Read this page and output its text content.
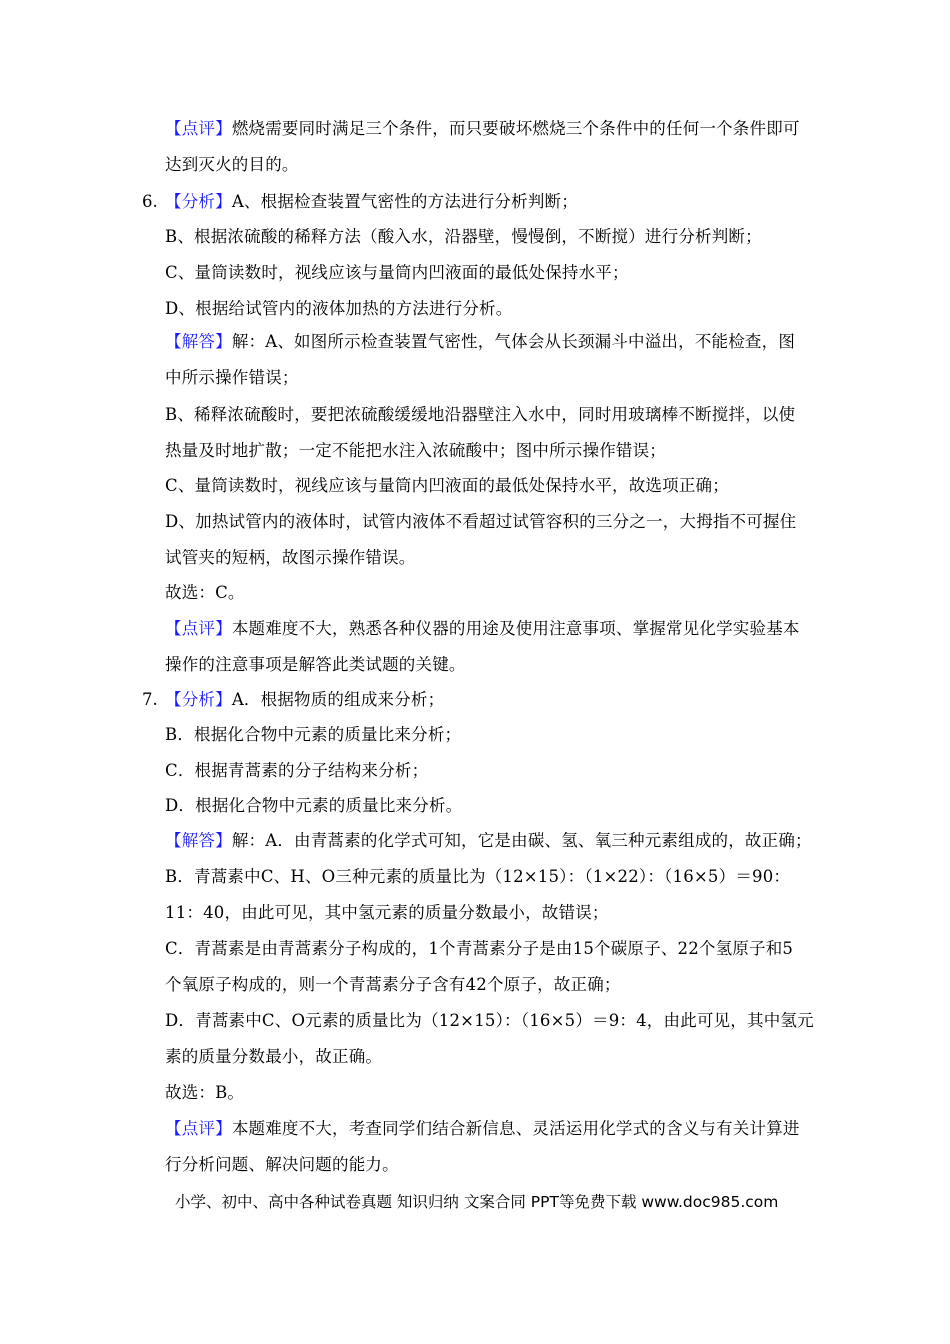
【点评】燃烧需要同时满足三个条件，而只要破坏燃烧三个条件中的任何一个条件即可
达到灭火的目的。
6. 【分析】A、根据检查装置气密性的方法进行分析判断；
B、根据浓硫酸的稀释方法（酸入水，沿器壁，慢慢倒，不断搅）进行分析判断；
C、量筒读数时，视线应该与量筒内凹液面的最低处保持水平；
D、根据给试管内的液体加热的方法进行分析。
【解答】解：A、如图所示检查装置气密性，气体会从长颈漏斗中溢出，不能检查，图
中所示操作错误；
B、稀释浓硫酸时，要把浓硫酸缓缓地沿器壁注入水中，同时用玻璃棒不断搅拌，以使
热量及时地扩散；一定不能把水注入浓硫酸中；图中所示操作错误；
C、量筒读数时，视线应该与量筒内凹液面的最低处保持水平，故选项正确；
D、加热试管内的液体时，试管内液体不看超过试管容积的三分之一，大拇指不可握住
试管夹的短柄，故图示操作错误。
故选：C。
【点评】本题难度不大，熟悉各种仪器的用途及使用注意事项、掌握常见化学实验基本
操作的注意事项是解答此类试题的关键。
7. 【分析】A．根据物质的组成来分析；
B．根据化合物中元素的质量比来分析；
C．根据青蒿素的分子结构来分析；
D．根据化合物中元素的质量比来分析。
【解答】解：A．由青蒿素的化学式可知，它是由碳、氢、氧三种元素组成的，故正确；
B．青蒿素中C、H、O三种元素的质量比为（12×15）：（1×22）：（16×5）＝90：
11：40，由此可见，其中氢元素的质量分数最小，故错误；
C．青蒿素是由青蒿素分子构成的，1个青蒿素分子是由15个碳原子、22个氢原子和5
个氧原子构成的，则一个青蒿素分子含有42个原子，故正确；
D．青蒿素中C、O元素的质量比为（12×15）：（16×5）＝9：4，由此可见，其中氢元
素的质量分数最小，故正确。
故选：B。
【点评】本题难度不大，考查同学们结合新信息、灵活运用化学式的含义与有关计算进
行分析问题、解决问题的能力。
小学、初中、高中各种试卷真题 知识归纳 文案合同 PPT等免费下载 www.doc985.com
